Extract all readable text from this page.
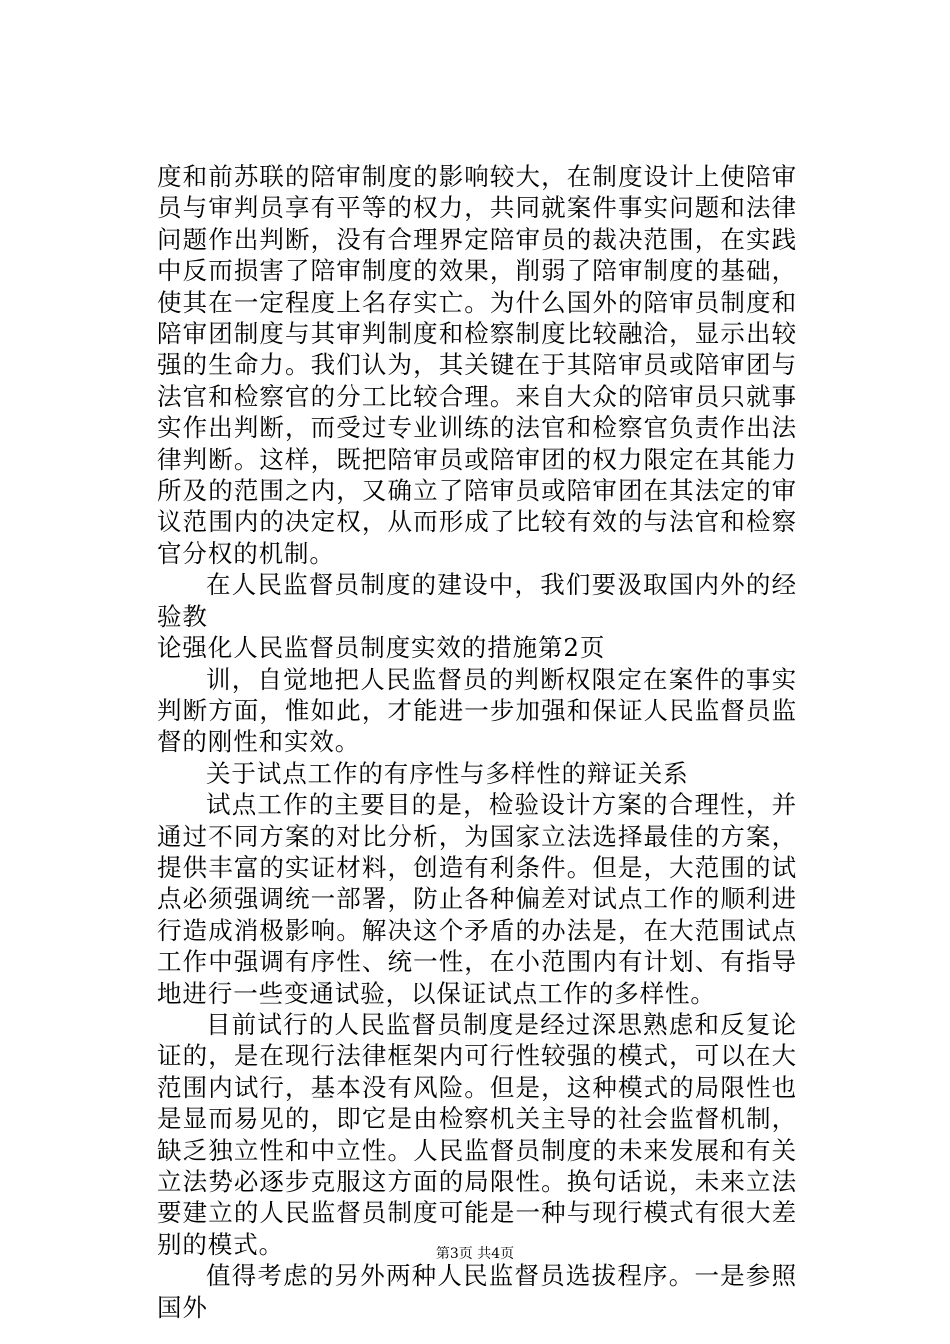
度和前苏联的陪审制度的影响较大，在制度设计上使陪审员与审判员享有平等的权力，共同就案件事实问题和法律问题作出判断，没有合理界定陪审员的裁决范围，在实践中反而损害了陪审制度的效果，削弱了陪审制度的基础，使其在一定程度上名存实亡。为什么国外的陪审员制度和陪审团制度与其审判制度和检察制度比较融洽，显示出较强的生命力。我们认为，其关键在于其陪审员或陪审团与法官和检察官的分工比较合理。来自大众的陪审员只就事实作出判断，而受过专业训练的法官和检察官负责作出法律判断。这样，既把陪审员或陪审团的权力限定在其能力所及的范围之内，又确立了陪审员或陪审团在其法定的审议范围内的决定权，从而形成了比较有效的与法官和检察官分权的机制。

在人民监督员制度的建设中，我们要汲取国内外的经验教

论强化人民监督员制度实效的措施第2页

训，自觉地把人民监督员的判断权限定在案件的事实判断方面，惟如此，才能进一步加强和保证人民监督员监督的刚性和实效。

关于试点工作的有序性与多样性的辩证关系

试点工作的主要目的是，检验设计方案的合理性，并通过不同方案的对比分析，为国家立法选择最佳的方案，提供丰富的实证材料，创造有利条件。但是，大范围的试点必须强调统一部署，防止各种偏差对试点工作的顺利进行造成消极影响。解决这个矛盾的办法是，在大范围试点工作中强调有序性、统一性，在小范围内有计划、有指导地进行一些变通试验，以保证试点工作的多样性。

目前试行的人民监督员制度是经过深思熟虑和反复论证的，是在现行法律框架内可行性较强的模式，可以在大范围内试行，基本没有风险。但是，这种模式的局限性也是显而易见的，即它是由检察机关主导的社会监督机制，缺乏独立性和中立性。人民监督员制度的未来发展和有关立法势必逐步克服这方面的局限性。换句话说，未来立法要建立的人民监督员制度可能是一种与现行模式有很大差别的模式。

值得考虑的另外两种人民监督员选拔程序。一是参照国外

第3页 共4页
